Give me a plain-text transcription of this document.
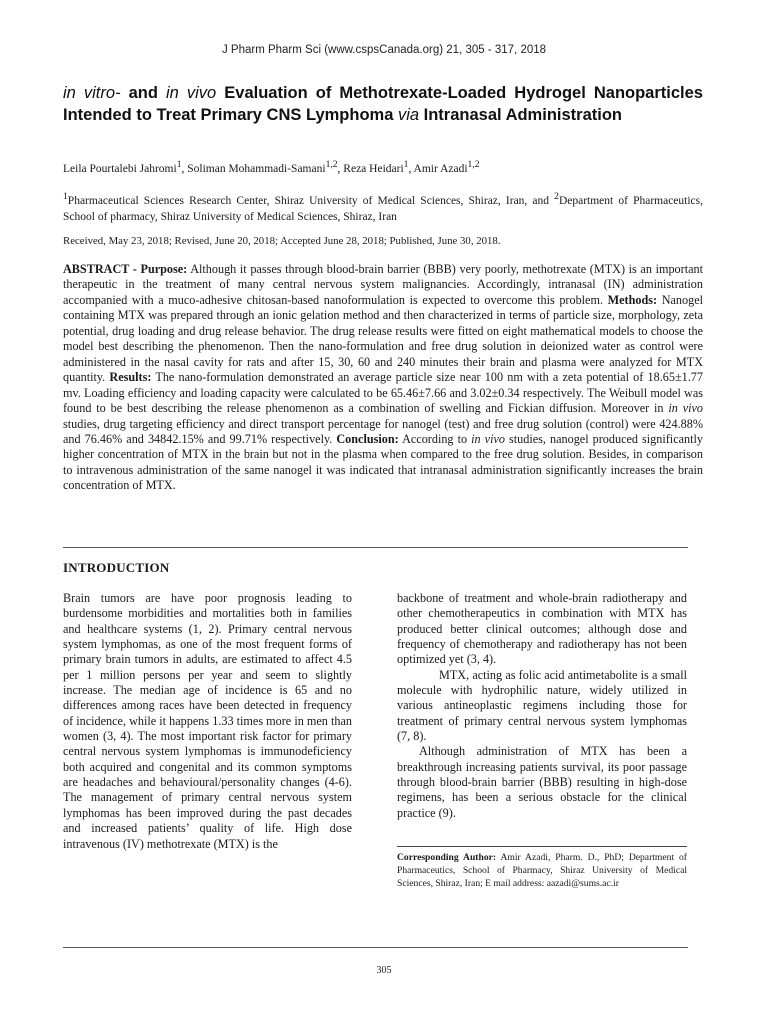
J Pharm Pharm Sci (www.cspsCanada.org) 21, 305 - 317, 2018
in vitro- and in vivo Evaluation of Methotrexate-Loaded Hydrogel Nanoparticles Intended to Treat Primary CNS Lymphoma via Intranasal Administration
Leila Pourtalebi Jahromi$^1$, Soliman Mohammadi-Samani$^{1,2}$, Reza Heidari$^1$, Amir Azadi$^{1,2}$
$^1$Pharmaceutical Sciences Research Center, Shiraz University of Medical Sciences, Shiraz, Iran, and $^2$Department of Pharmaceutics, School of pharmacy, Shiraz University of Medical Sciences, Shiraz, Iran
Received, May 23, 2018; Revised, June 20, 2018; Accepted June 28, 2018; Published, June 30, 2018.
ABSTRACT - Purpose: Although it passes through blood-brain barrier (BBB) very poorly, methotrexate (MTX) is an important therapeutic in the treatment of many central nervous system malignancies. Accordingly, intranasal (IN) administration accompanied with a muco-adhesive chitosan-based nanoformulation is expected to overcome this problem. Methods: Nanogel containing MTX was prepared through an ionic gelation method and then characterized in terms of particle size, morphology, zeta potential, drug loading and drug release behavior. The drug release results were fitted on eight mathematical models to choose the model best describing the phenomenon. Then the nano-formulation and free drug solution in deionized water as control were administered in the nasal cavity for rats and after 15, 30, 60 and 240 minutes their brain and plasma were analyzed for MTX quantity. Results: The nano-formulation demonstrated an average particle size near 100 nm with a zeta potential of 18.65±1.77 mv. Loading efficiency and loading capacity were calculated to be 65.46±7.66 and 3.02±0.34 respectively. The Weibull model was found to be best describing the release phenomenon as a combination of swelling and Fickian diffusion. Moreover in in vivo studies, drug targeting efficiency and direct transport percentage for nanogel (test) and free drug solution (control) were 424.88% and 76.46% and 34842.15% and 99.71% respectively. Conclusion: According to in vivo studies, nanogel produced significantly higher concentration of MTX in the brain but not in the plasma when compared to the free drug solution. Besides, in comparison to intravenous administration of the same nanogel it was indicated that intranasal administration significantly increases the brain concentration of MTX.
INTRODUCTION

Brain tumors are have poor prognosis leading to burdensome morbidities and mortalities both in families and healthcare systems (1, 2). Primary central nervous system lymphomas, as one of the most frequent forms of primary brain tumors in adults, are estimated to affect 4.5 per 1 million persons per year and seem to slightly increase. The median age of incidence is 65 and no differences among races have been detected in frequency of incidence, while it happens 1.33 times more in men than women (3, 4). The most important risk factor for primary central nervous system lymphomas is immunodeficiency both acquired and congenital and its common symptoms are headaches and behavioural/personality changes (4-6). The management of primary central nervous system lymphomas has been improved during the past decades and increased patients’ quality of life. High dose intravenous (IV) methotrexate (MTX) is the

backbone of treatment and whole-brain radiotherapy and other chemotherapeutics in combination with MTX has produced better clinical outcomes; although dose and frequency of chemotherapy and radiotherapy has not been optimized yet (3, 4).

MTX, acting as folic acid antimetabolite is a small molecule with hydrophilic nature, widely utilized in various antineoplastic regimens including those for treatment of primary central nervous system lymphomas (7, 8).

Although administration of MTX has been a breakthrough increasing patients survival, its poor passage through blood-brain barrier (BBB) resulting in high-dose regimens, has been a serious obstacle for the clinical practice (9).

Corresponding Author: Amir Azadi, Pharm. D., PhD; Department of Pharmaceutics, School of Pharmacy, Shiraz University of Medical Sciences, Shiraz, Iran; E mail address: aazadi@sums.ac.ir
305
